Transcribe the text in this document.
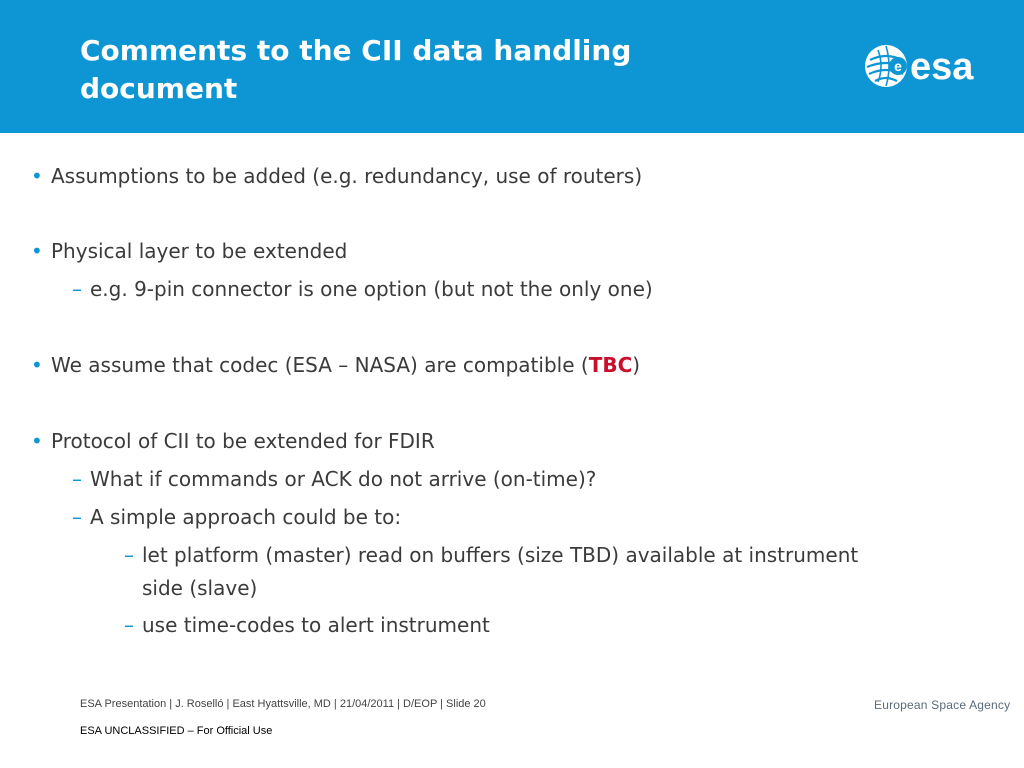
Comments to the CII data handling
document
e esa
• Assumptions to be added (e.g. redundancy, use of routers)
• Physical layer to be extended
– e.g. 9-pin connector is one option (but not the only one)
• We assume that codec (ESA – NASA) are compatible (TBC)
• Protocol of CII to be extended for FDIR
– What if commands or ACK do not arrive (on-time)?
– A simple approach could be to:
– let platform (master) read on buffers (size TBD) available at instrument
side (slave)
– use time-codes to alert instrument
ESA Presentation | J. Roselló | East Hyattsville, MD | 21/04/2011 | D/EOP | Slide 20
ESA UNCLASSIFIED – For Official Use
European Space Agency
